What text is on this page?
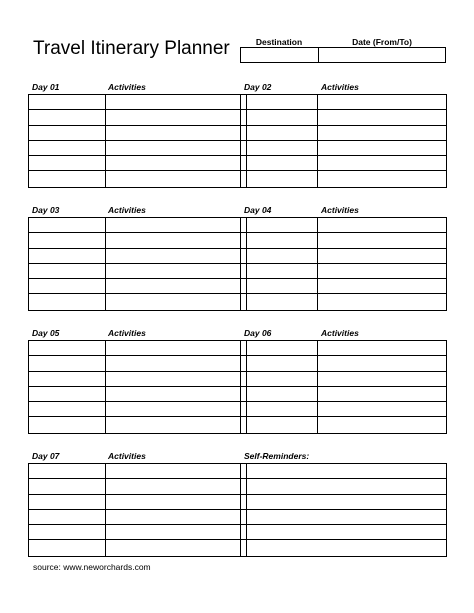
Travel Itinerary Planner	Destination	Date (From/To)
Day 01	Activities	Day 02	Activities
Day 03	Activities	Day 04	Activities
Day 05	Activities	Day 06	Activities
Day 07	Activities	Self-Reminders:
source: www.neworchards.com
